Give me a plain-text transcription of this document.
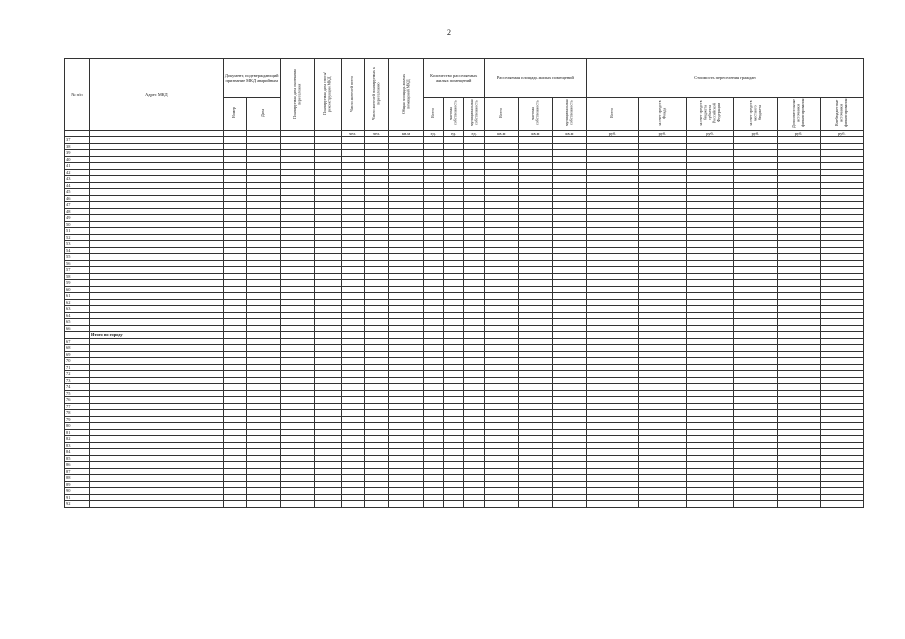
2
№ п/п	Адрес МКД	Документ, подтверждающий признание МКД аварийным		Планируемая дата окончания переселения	Планируемая дата сноса/реконструкции МКД	Число жителей всего	Число жителей планируемых к переселению	Общая площадь жилых помещений МКД	Количество расселяемых жилых помещений			Расселяемая площадь жилых помещений			Стоимость переселения граждан					
		Номер	Дата						Всего	частная собственность	муниципальная собственность	Всего	частная собственность	муниципальная собственность	Всего	за счет средств Фонда	за счет средств бюджета субъекта Российской Федерации	за счет средств местного бюджета	Дополнительные источники финансирования	Внебюджетные источники финансирования
						чел.	чел.	кв.м	ед.	ед.	ед.	кв.м	кв.м	кв.м	руб.	руб.	руб.	руб.	руб.	руб.
37																				
38																				
39																				
40																				
41																				
42																				
43																				
44																				
45																				
46																				
47																				
48																				
49																				
50																				
51																				
52																				
53																				
54																				
55																				
56																				
57																				
58																				
59																				
60																				
61																				
62																				
63																				
64																				
65																				
66																				
	Итого по городу																			
67																				
68																				
69																				
70																				
71																				
72																				
73																				
74																				
75																				
76																				
77																				
78																				
79																				
80																				
81																				
82																				
83																				
84																				
85																				
86																				
87																				
88																				
89																				
90																				
91																				
92																				
